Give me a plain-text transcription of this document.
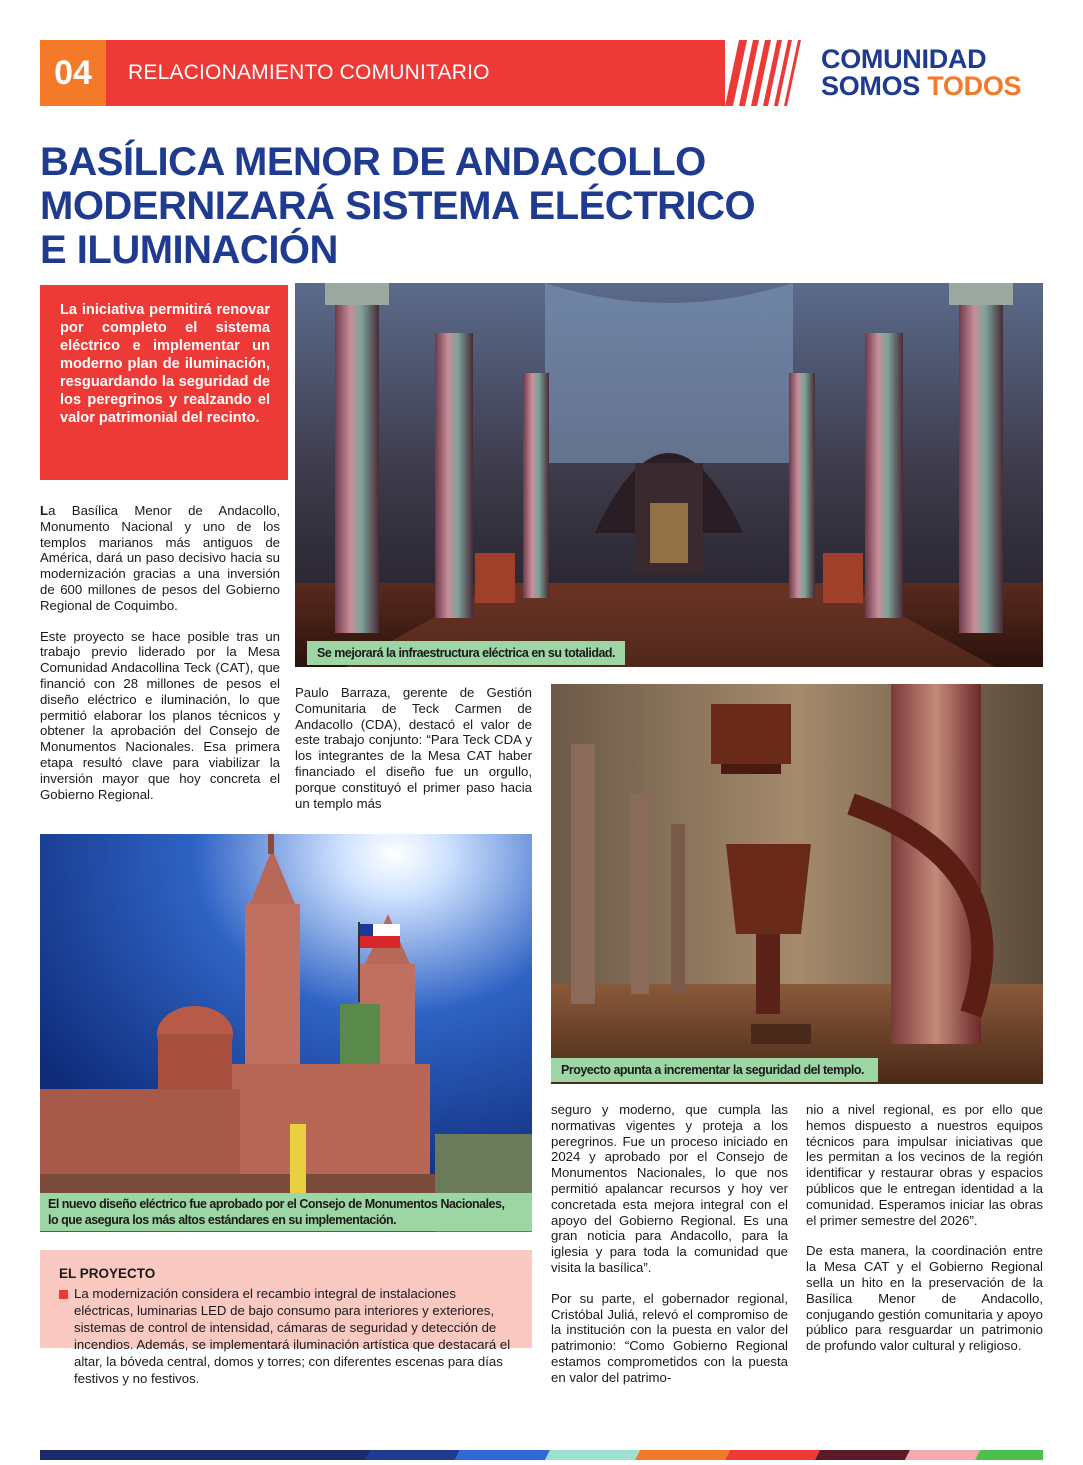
04	RELACIONAMIENTO COMUNITARIO	COMUNIDAD
SOMOS TODOS
BASÍLICA MENOR DE ANDACOLLO
MODERNIZARÁ SISTEMA ELÉCTRICO
E ILUMINACIÓN

La iniciativa permitirá renovar por completo el sistema eléctrico e implementar un moderno plan de iluminación, resguardando la seguridad de los peregrinos y realzando el valor patrimonial del recinto.

La Basílica Menor de Andacollo, Monumento Nacional y uno de los templos marianos más antiguos de América, dará un paso decisivo hacia su modernización gracias a una inversión de 600 millones de pesos del Gobierno Regional de Coquimbo.

Este proyecto se hace posible tras un trabajo previo liderado por la Mesa Comunidad Andacollina Teck (CAT), que financió con 28 millones de pesos el diseño eléctrico e iluminación, lo que permitió elaborar los planos técnicos y obtener la aprobación del Consejo de Monumentos Nacionales. Esa primera etapa resultó clave para viabilizar la inversión mayor que hoy concreta el Gobierno Regional.

Se mejorará la infraestructura eléctrica en su totalidad.

Paulo Barraza, gerente de Gestión Comunitaria de Teck Carmen de Andacollo (CDA), destacó el valor de este trabajo conjunto: “Para Teck CDA y los integrantes de la Mesa CAT haber financiado el diseño fue un orgullo, porque constituyó el primer paso hacia un templo más

Proyecto apunta a incrementar la seguridad del templo.
El nuevo diseño eléctrico fue aprobado por el Consejo de Monumentos Nacionales,
lo que asegura los más altos estándares en su implementación.
EL PROYECTO
La modernización considera el recambio integral de instalaciones eléctricas, luminarias LED de bajo consumo para interiores y exteriores, sistemas de control de intensidad, cámaras de seguridad y detección de incendios. Además, se implementará iluminación artística que destacará el altar, la bóveda central, domos y torres; con diferentes escenas para días festivos y no festivos.

seguro y moderno, que cumpla las normativas vigentes y proteja a los peregrinos. Fue un proceso iniciado en 2024 y aprobado por el Consejo de Monumentos Nacionales, lo que nos permitió apalancar recursos y hoy ver concretada esta mejora integral con el apoyo del Gobierno Regional. Es una gran noticia para Andacollo, para la iglesia y para toda la comunidad que visita la basílica”.

Por su parte, el gobernador regional, Cristóbal Juliá, relevó el compromiso de la institución con la puesta en valor del patrimonio: “Como Gobierno Regional estamos comprometidos con la puesta en valor del patrimo-

nio a nivel regional, es por ello que hemos dispuesto a nuestros equipos técnicos para impulsar iniciativas que les permitan a los vecinos de la región identificar y restaurar obras y espacios públicos que le entregan identidad a la comunidad. Esperamos iniciar las obras el primer semestre del 2026”.

De esta manera, la coordinación entre la Mesa CAT y el Gobierno Regional sella un hito en la preservación de la Basílica Menor de Andacollo, conjugando gestión comunitaria y apoyo público para resguardar un patrimonio de profundo valor cultural y religioso.
